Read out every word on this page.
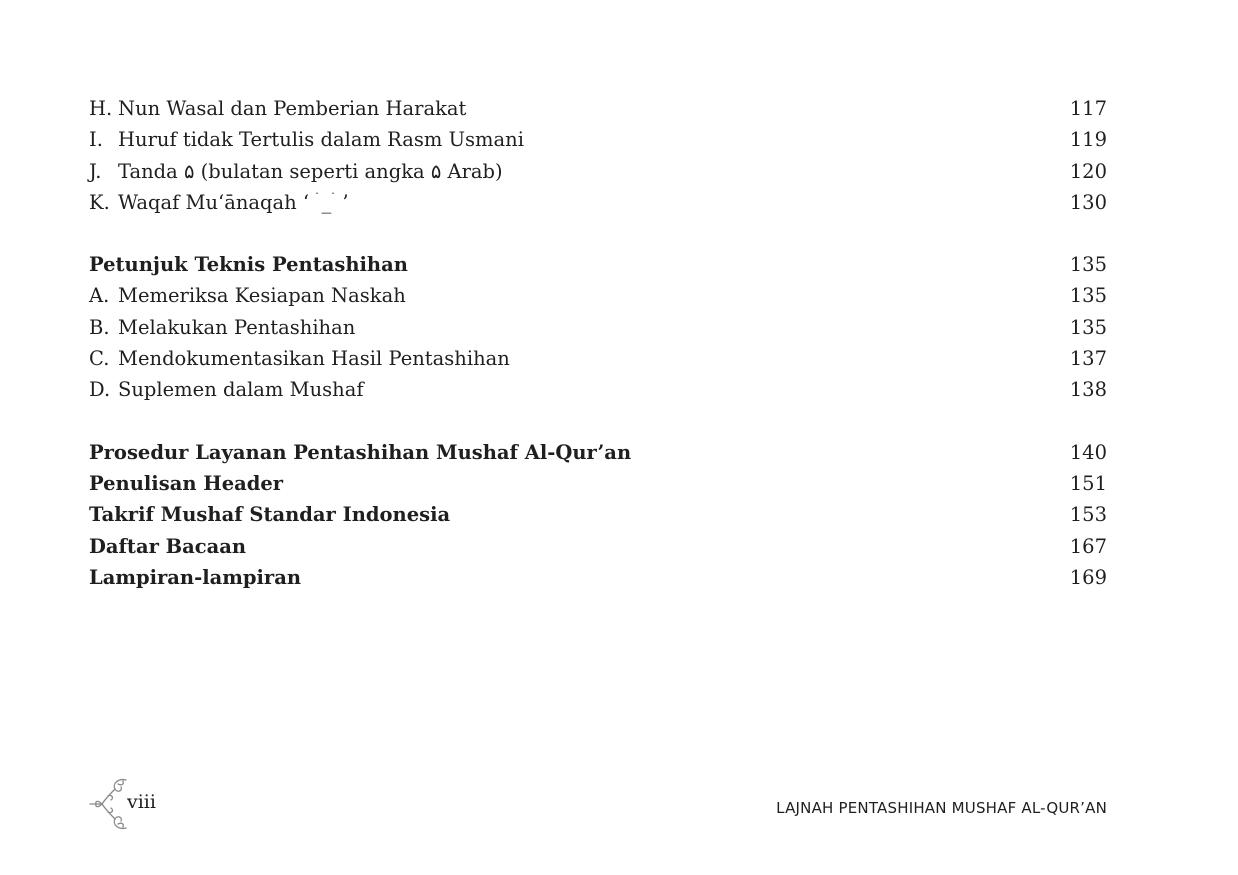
H. Nun Wasal dan Pemberian Harakat	117
I. Huruf tidak Tertulis dalam Rasm Usmani	119
J. Tanda ۵ (bulatan seperti angka ۵ Arab)	120
K. Waqaf Mu‘ānaqah ‘ ۛ _ ۛ ’	130
Petunjuk Teknis Pentashihan	135
A. Memeriksa Kesiapan Naskah	135
B. Melakukan Pentashihan	135
C. Mendokumentasikan Hasil Pentashihan	137
D. Suplemen dalam Mushaf	138
Prosedur Layanan Pentashihan Mushaf Al-Qur’an	140
Penulisan Header	151
Takrif Mushaf Standar Indonesia	153
Daftar Bacaan	167
Lampiran-lampiran	169
viii	LAJNAH PENTASHIHAN MUSHAF AL-QUR’AN
